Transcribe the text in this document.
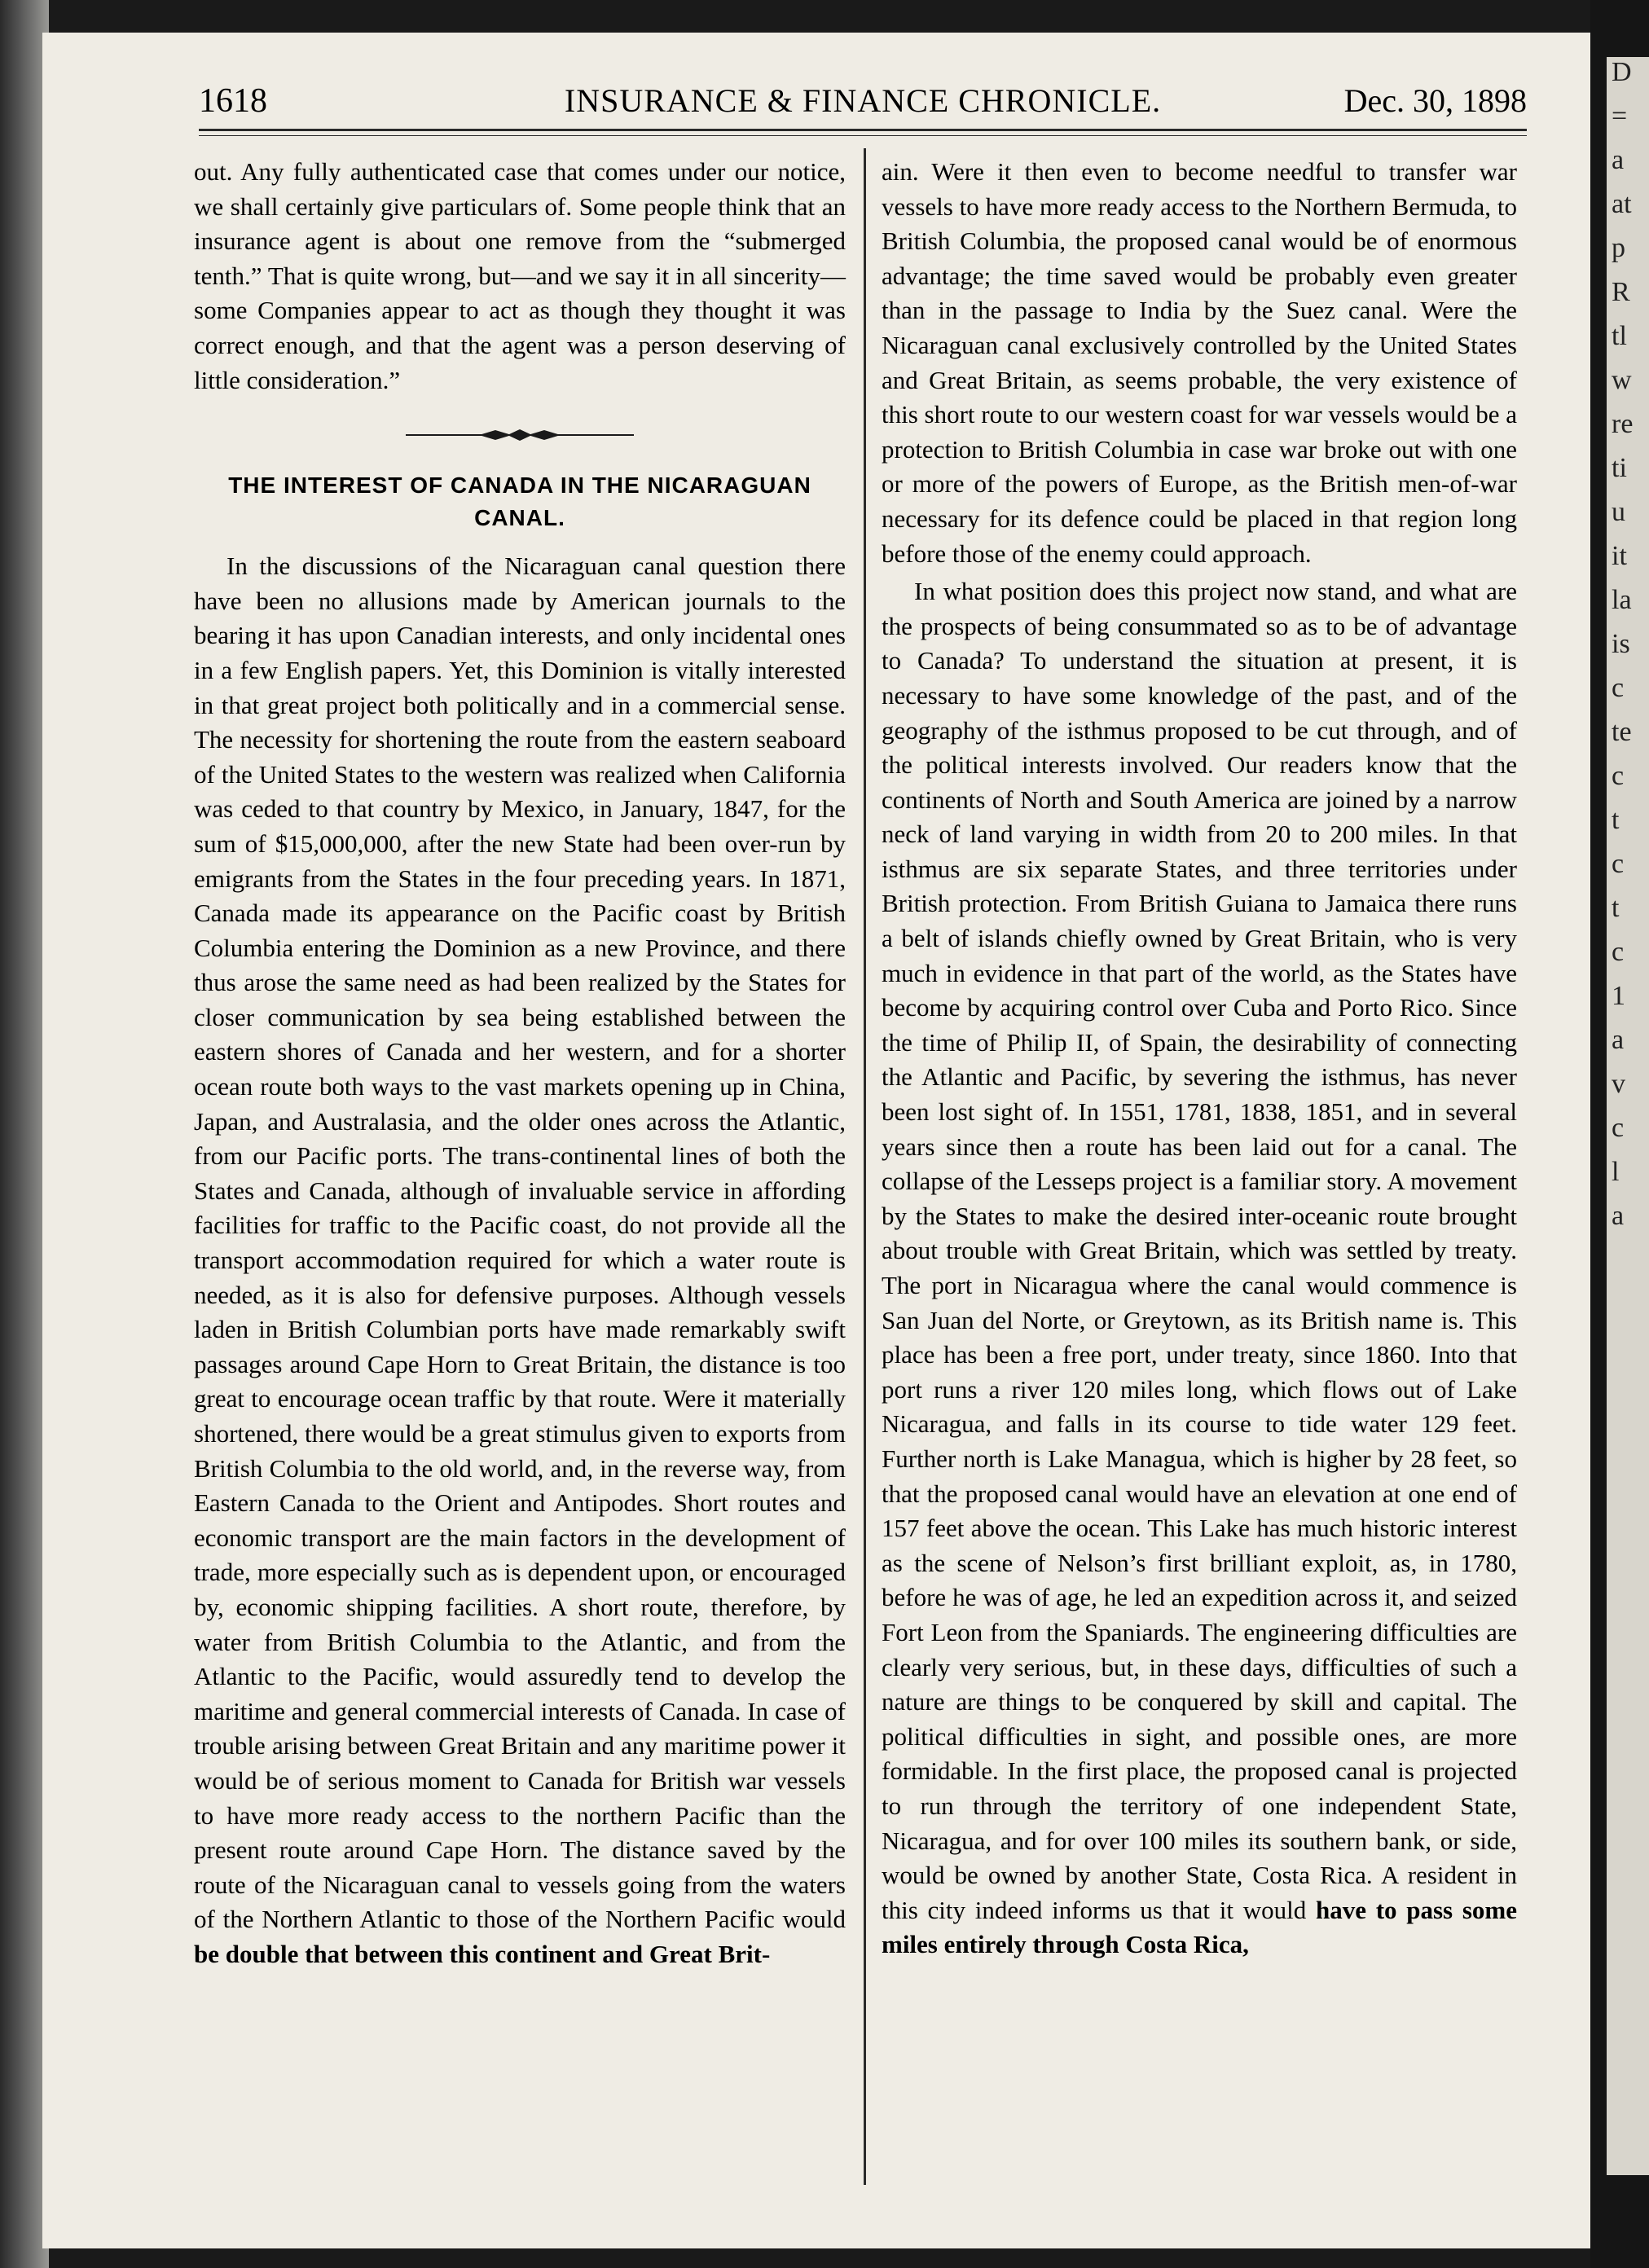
D
=
a
at
p
R
tl
w
re
ti
u
it
la
is
c
te
c
t
c
t
c
1
a
v
c
l
a
1618	INSURANCE & FINANCE CHRONICLE.	Dec. 30, 1898

out. Any fully authenticated case that comes under our notice, we shall certainly give particulars of. Some people think that an insurance agent is about one remove from the “submerged tenth.” That is quite wrong, but—and we say it in all sincerity—some Companies appear to act as though they thought it was correct enough, and that the agent was a person deserving of little consideration.”

THE INTEREST OF CANADA IN THE NICARAGUAN CANAL.

In the discussions of the Nicaraguan canal question there have been no allusions made by American journals to the bearing it has upon Canadian interests, and only incidental ones in a few English papers. Yet, this Dominion is vitally interested in that great project both politically and in a commercial sense. The necessity for shortening the route from the eastern seaboard of the United States to the western was realized when California was ceded to that country by Mexico, in January, 1847, for the sum of $15,000,000, after the new State had been over-run by emigrants from the States in the four preceding years. In 1871, Canada made its appearance on the Pacific coast by British Columbia entering the Dominion as a new Province, and there thus arose the same need as had been realized by the States for closer communication by sea being established between the eastern shores of Canada and her western, and for a shorter ocean route both ways to the vast markets opening up in China, Japan, and Australasia, and the older ones across the Atlantic, from our Pacific ports. The trans-continental lines of both the States and Canada, although of invaluable service in affording facilities for traffic to the Pacific coast, do not provide all the transport accommodation required for which a water route is needed, as it is also for defensive purposes. Although vessels laden in British Columbian ports have made remarkably swift passages around Cape Horn to Great Britain, the distance is too great to encourage ocean traffic by that route. Were it materially shortened, there would be a great stimulus given to exports from British Columbia to the old world, and, in the reverse way, from Eastern Canada to the Orient and Antipodes. Short routes and economic transport are the main factors in the development of trade, more especially such as is dependent upon, or encouraged by, economic shipping facilities. A short route, therefore, by water from British Columbia to the Atlantic, and from the Atlantic to the Pacific, would assuredly tend to develop the maritime and general commercial interests of Canada. In case of trouble arising between Great Britain and any maritime power it would be of serious moment to Canada for British war vessels to have more ready access to the northern Pacific than the present route around Cape Horn. The distance saved by the route of the Nicaraguan canal to vessels going from the waters of the Northern Atlantic to those of the Northern Pacific would be double that between this continent and Great Brit-

ain. Were it then even to become needful to transfer war vessels to have more ready access to the Northern Bermuda, to British Columbia, the proposed canal would be of enormous advantage; the time saved would be probably even greater than in the passage to India by the Suez canal. Were the Nicaraguan canal exclusively controlled by the United States and Great Britain, as seems probable, the very existence of this short route to our western coast for war vessels would be a protection to British Columbia in case war broke out with one or more of the powers of Europe, as the British men-of-war necessary for its defence could be placed in that region long before those of the enemy could approach.

In what position does this project now stand, and what are the prospects of being consummated so as to be of advantage to Canada? To understand the situation at present, it is necessary to have some knowledge of the past, and of the geography of the isthmus proposed to be cut through, and of the political interests involved. Our readers know that the continents of North and South America are joined by a narrow neck of land varying in width from 20 to 200 miles. In that isthmus are six separate States, and three territories under British protection. From British Guiana to Jamaica there runs a belt of islands chiefly owned by Great Britain, who is very much in evidence in that part of the world, as the States have become by acquiring control over Cuba and Porto Rico. Since the time of Philip II, of Spain, the desirability of connecting the Atlantic and Pacific, by severing the isthmus, has never been lost sight of. In 1551, 1781, 1838, 1851, and in several years since then a route has been laid out for a canal. The collapse of the Lesseps project is a familiar story. A movement by the States to make the desired inter-oceanic route brought about trouble with Great Britain, which was settled by treaty. The port in Nicaragua where the canal would commence is San Juan del Norte, or Greytown, as its British name is. This place has been a free port, under treaty, since 1860. Into that port runs a river 120 miles long, which flows out of Lake Nicaragua, and falls in its course to tide water 129 feet. Further north is Lake Managua, which is higher by 28 feet, so that the proposed canal would have an elevation at one end of 157 feet above the ocean. This Lake has much historic interest as the scene of Nelson’s first brilliant exploit, as, in 1780, before he was of age, he led an expedition across it, and seized Fort Leon from the Spaniards. The engineering difficulties are clearly very serious, but, in these days, difficulties of such a nature are things to be conquered by skill and capital. The political difficulties in sight, and possible ones, are more formidable. In the first place, the proposed canal is projected to run through the territory of one independent State, Nicaragua, and for over 100 miles its southern bank, or side, would be owned by another State, Costa Rica. A resident in this city indeed informs us that it would have to pass some miles entirely through Costa Rica,
